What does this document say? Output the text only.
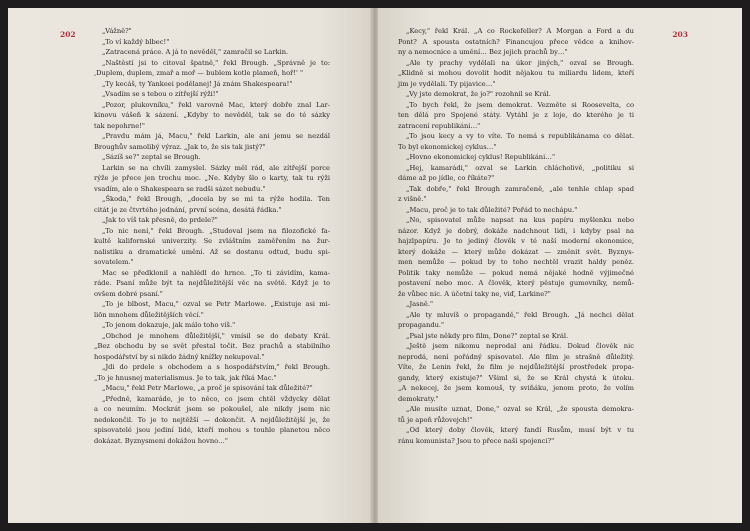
202	„Vážně?"
„To ví každý blbec!"
„Zatracená práce. A já to nevěděl," zamračil se Larkin.
„Naštěstí jsi to citoval špatně," řekl Brough. „Správně je to:
‚Duplem, duplem, zmař a moř — bublem kotle plameň, hoř!' "
„Ty kecáš, ty Yankeei podělanej! Já znám Shakespeara!"
„Vsadím se s tebou o zítřejší rýži!"
„Pozor, plukovníku," řekl varovně Mac, který dobře znal Lar-
kinovu vášeň k sázení. „Kdyby to nevěděl, tak se do té sázky
tak nepohrne!"
„Pravdu mám já, Macu," řekl Larkin, ale ani jemu se nezdál
Broughův samolibý výraz. „Jak to, že sis tak jistý?"
„Sázíš se?" zeptal se Brough.
Larkin se na chvíli zamyslel. Sázky měl rád, ale zítřejší porce
rýže je přece jen trochu moc. „Ne. Kdyby šlo o karty, tak tu rýži
vsadím, ale o Shakespeara se radši sázet nebudu."
„Škoda," řekl Brough, „docela by se mi ta rýže hodila. Ten
citát je ze čtvrtého jednání, první scéna, desátá řádka."
„Jak to víš tak přesně, do prdele?"
„To nic není," řekl Brough. „Studoval jsem na filozofické fa-
kultě kalifornské univerzity. Se zvláštním zaměřením na žur-
nalistiku a dramatické umění. Až se dostanu odtud, budu spi-
sovatelem."
Mac se předklonil a nahlédl do hrnce. „To ti závidím, kama-
ráde. Psaní může být ta nejdůležitější věc na světě. Když je to
ovšem dobré psaní."
„To je blbost, Macu," ozval se Petr Marlowe. „Existuje asi mi-
liōn mnohem důležitějších věcí."
„To jenom dokazuje, jak málo toho víš."
„Obchod je mnohem důležitější," vmísil se do debaty Král.
„Bez obchodu by se svět přestal točit. Bez prachů a stabilního
hospodářství by si nikdo žádný knížky nekupoval."
„Jdi do prdele s obchodem a s hospodářstvím," řekl Brough.
„To je hnusnej materialismus. Je to tak, jak říká Mac."
„Macu," řekl Petr Marlowe, „a proč je spisování tak důležité?"
„Předně, kamaráde, je to něco, co jsem chtěl vždycky dělat
a co neumím. Mockrát jsem se pokoušel, ale nikdy jsem nic
nedokončil. To je to nejtěžší — dokončit. A nejdůležitější je, že
spisovatelé jsou jediní lidé, kteří mohou s touhle planetou něco
dokázat. Byznysmeni dokážou hovno…"
203
„Kecy," řekl Král. „A co Rockefeller? A Morgan a Ford a du
Pont? A spousta ostatních? Financujou přece vědce a knihov-
ny a nemocnice a umění… Bez jejich prachů by…"
„Ale ty prachy vydělali na úkor jiných," ozval se Brough.
„Klidně si mohou dovolit hodit nějakou tu miliardu lidem, kteří
jim je vydělali. Ty pijavice…"
„Vy jste demokrat, že jo?" rozohnil se Král.
„To bych řekl, že jsem demokrat. Vezměte si Roosevelta, co
ten dělá pro Spojené státy. Vytáhl je z loje, do kterého je ti
zatracení republikáni…"
„To jsou kecy a vy to víte. To nemá s republikánama co dělat.
To byl ekonomickej cyklus…"
„Hovno ekonomickej cyklus! Republikáni…"
„Hej, kamarádi," ozval se Larkin chlácholivě, „politiku si
dáme až po jídle, co říkáte?"
„Tak dobře," řekl Brough zamračeně, „ale tenhle chlap spad
z višně."
„Macu, proč je to tak důležité? Pořád to nechápu."
„No, spisovatel může napsat na kus papíru myšlenku nebo
názor. Když je dobrý, dokáže nadchnout lidi, i kdyby psal na
hajzlpapíru. Je to jediný člověk v té naší moderní ekonomice,
který dokáže — který může dokázat — změnit svět. Byznys-
men nemůže — pokud by to toho nechtěl vrazit haldy peněz.
Politik taky nemůže — pokud nemá nějaké hodně výjimečné
postavení nebo moc. A člověk, který pěstuje gumovníky, nemů-
že vůbec nic. A účetní taky ne, viď, Larkine?"
„Jasně."
„Ale ty mluvíš o propagandě," řekl Brough. „Já nechci dělat
propagandu."
„Psal jste někdy pro film, Done?" zeptal se Král.
„Ještě jsem nikomu neprodal ani řádku. Dokud člověk nic
neprodá, není pořádný spisovatel. Ale film je strašně důležitý.
Víte, že Lenin řekl, že film je nejdůležitější prostředek propa-
gandy, který existuje?" Všiml si, že se Král chystá k útoku.
„A nekecej, že jsem komouš, ty sviňáku, jenom proto, že volím
demokraty."
„Ale musíte uznat, Done," ozval se Král, „že spousta demokra-
tů je apoň růžovejch!"
„Od který doby člověk, který fandí Rusům, musí být v tu
ránu komunista? Jsou to přece naši spojenci?"
